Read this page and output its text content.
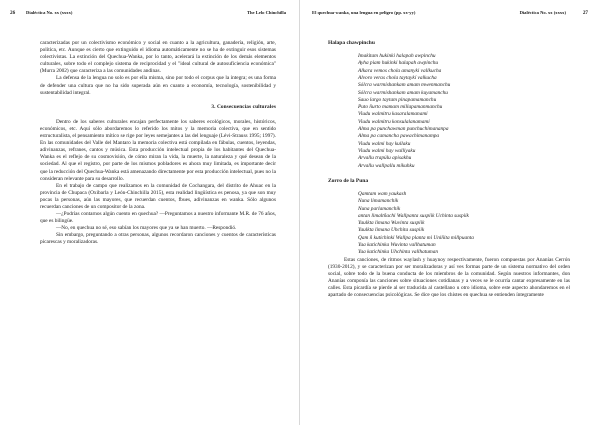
26 Dialéctica No. xx (xxxx)	The Lelo Chinchilla

caracterizadas por un colectivismo económico y social en cuanto a la agricultura, ganadería, religión, arte, política, etc. Aunque es cierto que extinguido el idioma automáticamente no se ha de extinguir esos sistemas colectivistas. La extinción del Quechua-Wanka, por lo tanto, acelerará la extinción de los demás elementos culturales, sobre todo el complejo sistema de reciprocidad y el "ideal cultural de autosuficiencia económica" (Murra 2002) que caracteriza a las comunidades andinas.

La defensa de la lengua no solo es por ella misma, sino por todo el corpus que la integra; es una forma de defender una cultura que no ha sido superada aún en cuanto a economía, tecnología, sostenibilidad y sustentabilidad integral.

3. Consecuencias culturales

Dentro de los saberes culturales encajan perfectamente los saberes ecológicos, morales, históricos, económicos, etc. Aquí sólo abordaremos lo referido los mitos y la memoria colectiva, que en sentido estructuralista, el pensamiento mítico se rige por leyes semejantes a las del lenguaje (Lévi-Strauss 1995; 1997). En las comunidades del Valle del Mantaro la memoria colectiva está compilada en fábulas, cuentos, leyendas, adivinanzas, refranes, cantos y música. Esta producción intelectual propia de los habitantes del Quechua-Wanka es el reflejo de su cosmovisión, de cómo miran la vida, la muerte, la naturaleza y qué desean de la sociedad. Al que el registro, por parte de los mismos pobladores es ahora muy limitada, es importante decir que la reducción del Quechua-Wanka está amenazando directamente por esta producción intelectual, pues no la consideran relevante para su desarrollo.

En el trabajo de campo que realizamos en la comunidad de Cochangara, del distrito de Ahuac en la provincia de Chupaca (Oxibarla y León-Chinchilla 2015), esta realidad lingüística es penosa, ya que son muy pocas la personas, aún las mayores, que recuerdan cuentos, fbues, adivinanzas en wanka. Sólo algunos recuerdan canciones de un compositor de la zona.

—¿Podrías contarnos algún cuento en quechua? —Preguntamos a nuestro informante M.R. de 76 años, que es bilingüe.

—No, en quechua no sé, eso sabían los mayores que ya se han muerto. —Respondió.

Sin embargo, preguntando a otras personas, algunos recordaron canciones y cuentos de características picarescas y moralizadoras.

El quechua-wanka, una lengua en peligro (pp. xx-yy)	Dialéctica No. xx (xxxx)	27
Halapa chawpinchu
Imakitam hukinki halapah awpinchu
Ayha piam hukinki halapah awpinchu
Alkara vemos chola amanyki vallkucha
Alvoro veras chola taytaykí valkucha
Sólcra warmishankam amam mwenmanchu
Sólcra warmishankam amam kuyamanchu
Sauo largo taytam pinapamamanchu
Puto ñurto mamam millapamanmanchu
Viudu walmitru kasaralamanami
Viudu walmitru konsulalanamami
Alma pa punchawman punchuchimananpa
Alma pa camancha pawachimanampa
Viudu walmi hay kullaku
Viudu walmi hay walliyaku
Arvallu trapúlu apisakhu
Arvallu wallpallu mikuhku
Zorro de la Puna
Qamtam wam yaukash
Nuna limamanchik
Nuna parlamanchik
antan limaltñachi Wallpanta suspiik Uchinta suspiik
Yaulkta limana Wuvinta suspiik
Yaulkta limana Uhchita suspiik
Qam ñ kutichinki Wallpa planta mi Uniñita millpuanta
Yaa katichinka Wuvinta vallhatuman
Yaa katichinka Uhchinta vallhatuman

Estas canciones, de ritmos waylash y huaynoy respectivamente, fueron compuestas por Ananías Cerrón (1930-2012), y se caracterizan por ser moralizadoras y así ves formas parte de un sistema normativo del orden social, sobre todo de la buena conducta de los miembros de la comunidad. Según nuestros informantes, don Ananías componía las canciones sobre situaciones cotidianas y a veces se le ocurría cantar expresamente en las calles. Esta picardía se pierde al ser traducida al castellano u otro idioma, sobre este aspecto ahondaremos en el apartado de consecuencias psicológicas. Se dice que los chistes en quechua se entienden íntegramente
